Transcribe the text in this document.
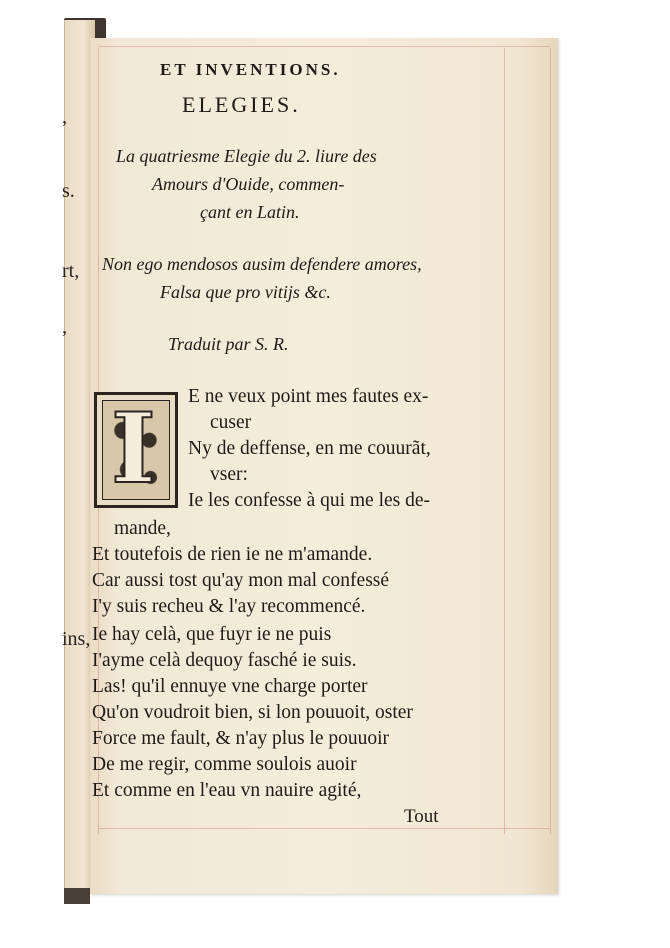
,
s.
rt,
,
ins,
ET INVENTIONS.
ELEGIES.
La quatriesme Elegie du 2. liure des
Amours d'Ouide, commen-
çant en Latin.
Non ego mendosos ausim defendere amores,
Falsa que pro vitijs &c.
Traduit par S. R.
I E ne veux point mes fautes ex-
cuser
Ny de deffense, en me couurãt,
vser:
Ie les confesse à qui me les de-
mande,
Et toutefois de rien ie ne m'amande.
Car aussi tost qu'ay mon mal confessé
I'y suis recheu & l'ay recommencé.
Ie hay celà, que fuyr ie ne puis
I'ayme celà dequoy fasché ie suis.
Las! qu'il ennuye vne charge porter
Qu'on voudroit bien, si lon pouuoit, oster
Force me fault, & n'ay plus le pouuoir
De me regir, comme soulois auoir
Et comme en l'eau vn nauire agité,
Tout
